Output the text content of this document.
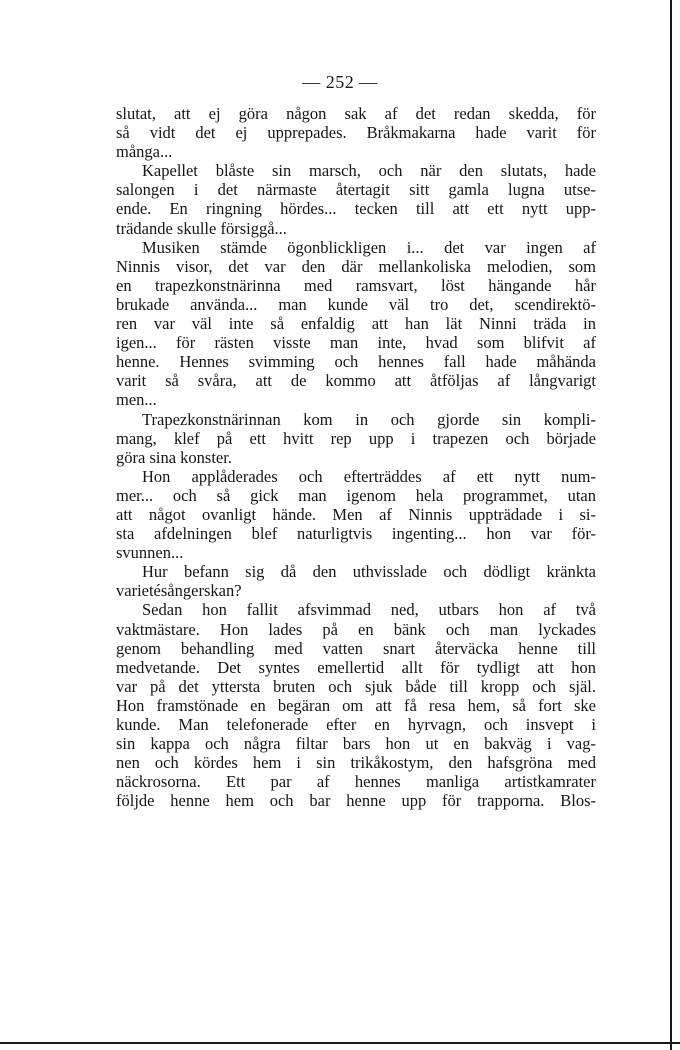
— 252 —
slutat, att ej göra någon sak af det redan skedda, för
så vidt det ej upprepades. Bråkmakarna hade varit för
många...
Kapellet blåste sin marsch, och när den slutats, hade
salongen i det närmaste återtagit sitt gamla lugna utse-
ende. En ringning hördes... tecken till att ett nytt upp-
trädande skulle försiggå...
Musiken stämde ögonblickligen i... det var ingen af
Ninnis visor, det var den där mellankoliska melodien, som
en trapezkonstnärinna med ramsvart, löst hängande hår
brukade använda... man kunde väl tro det, scendirektö-
ren var väl inte så enfaldig att han lät Ninni träda in
igen... för rästen visste man inte, hvad som blifvit af
henne. Hennes svimming och hennes fall hade måhända
varit så svåra, att de kommo att åtföljas af långvarigt
men...
Trapezkonstnärinnan kom in och gjorde sin kompli-
mang, klef på ett hvitt rep upp i trapezen och började
göra sina konster.
Hon applåderades och efterträddes af ett nytt num-
mer... och så gick man igenom hela programmet, utan
att något ovanligt hände. Men af Ninnis uppträdade i si-
sta afdelningen blef naturligtvis ingenting... hon var för-
svunnen...
Hur befann sig då den uthvisslade och dödligt kränkta
varietésångerskan?
Sedan hon fallit afsvimmad ned, utbars hon af två
vaktmästare. Hon lades på en bänk och man lyckades
genom behandling med vatten snart återväcka henne till
medvetande. Det syntes emellertid allt för tydligt att hon
var på det yttersta bruten och sjuk både till kropp och själ.
Hon framstönade en begäran om att få resa hem, så fort ske
kunde. Man telefonerade efter en hyrvagn, och insvept i
sin kappa och några filtar bars hon ut en bakväg i vag-
nen och kördes hem i sin trikåkostym, den hafsgröna med
näckrosorna. Ett par af hennes manliga artistkamrater
följde henne hem och bar henne upp för trapporna. Blos-
